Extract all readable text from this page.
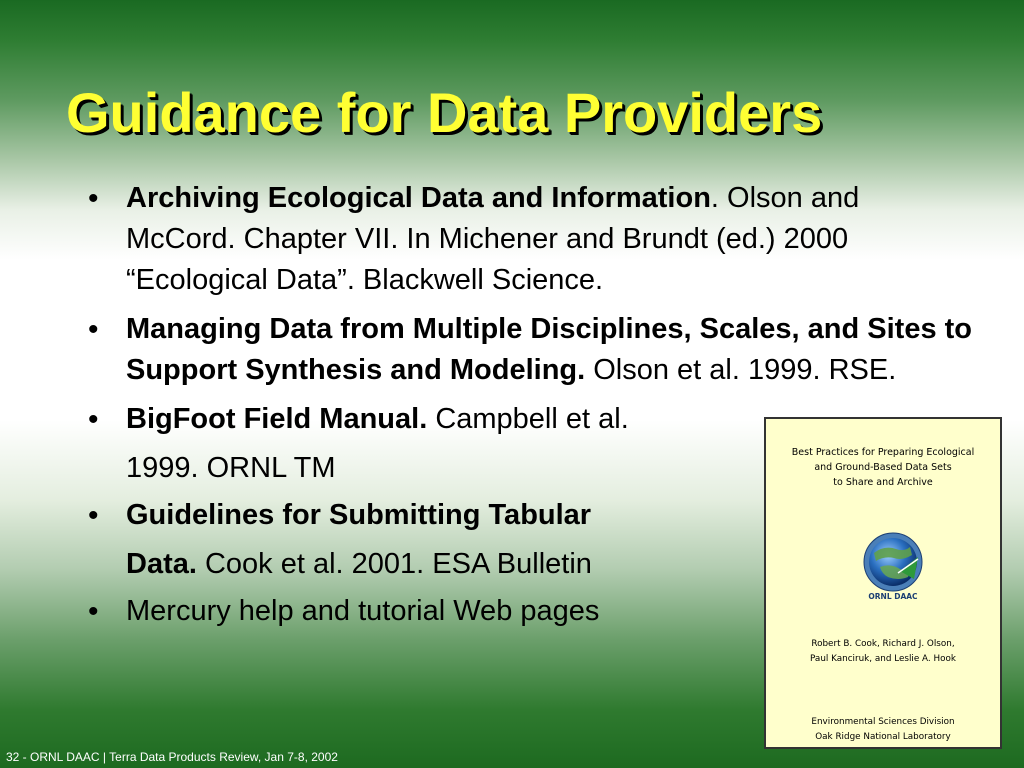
Guidance for Data Providers
• Archiving Ecological Data and Information. Olson and McCord. Chapter VII. In Michener and Brundt (ed.) 2000 “Ecological Data”. Blackwell Science.
• Managing Data from Multiple Disciplines, Scales, and Sites to Support Synthesis and Modeling. Olson et al. 1999. RSE.
• BigFoot Field Manual. Campbell et al.
1999. ORNL TM
• Guidelines for Submitting Tabular
Data. Cook et al. 2001. ESA Bulletin
• Mercury help and tutorial Web pages
Best Practices for Preparing Ecological
and Ground-Based Data Sets
to Share and Archive
ORNL DAAC
Robert B. Cook, Richard J. Olson,
Paul Kanciruk, and Leslie A. Hook
Environmental Sciences Division
Oak Ridge National Laboratory
32 - ORNL DAAC | Terra Data Products Review, Jan 7-8, 2002
